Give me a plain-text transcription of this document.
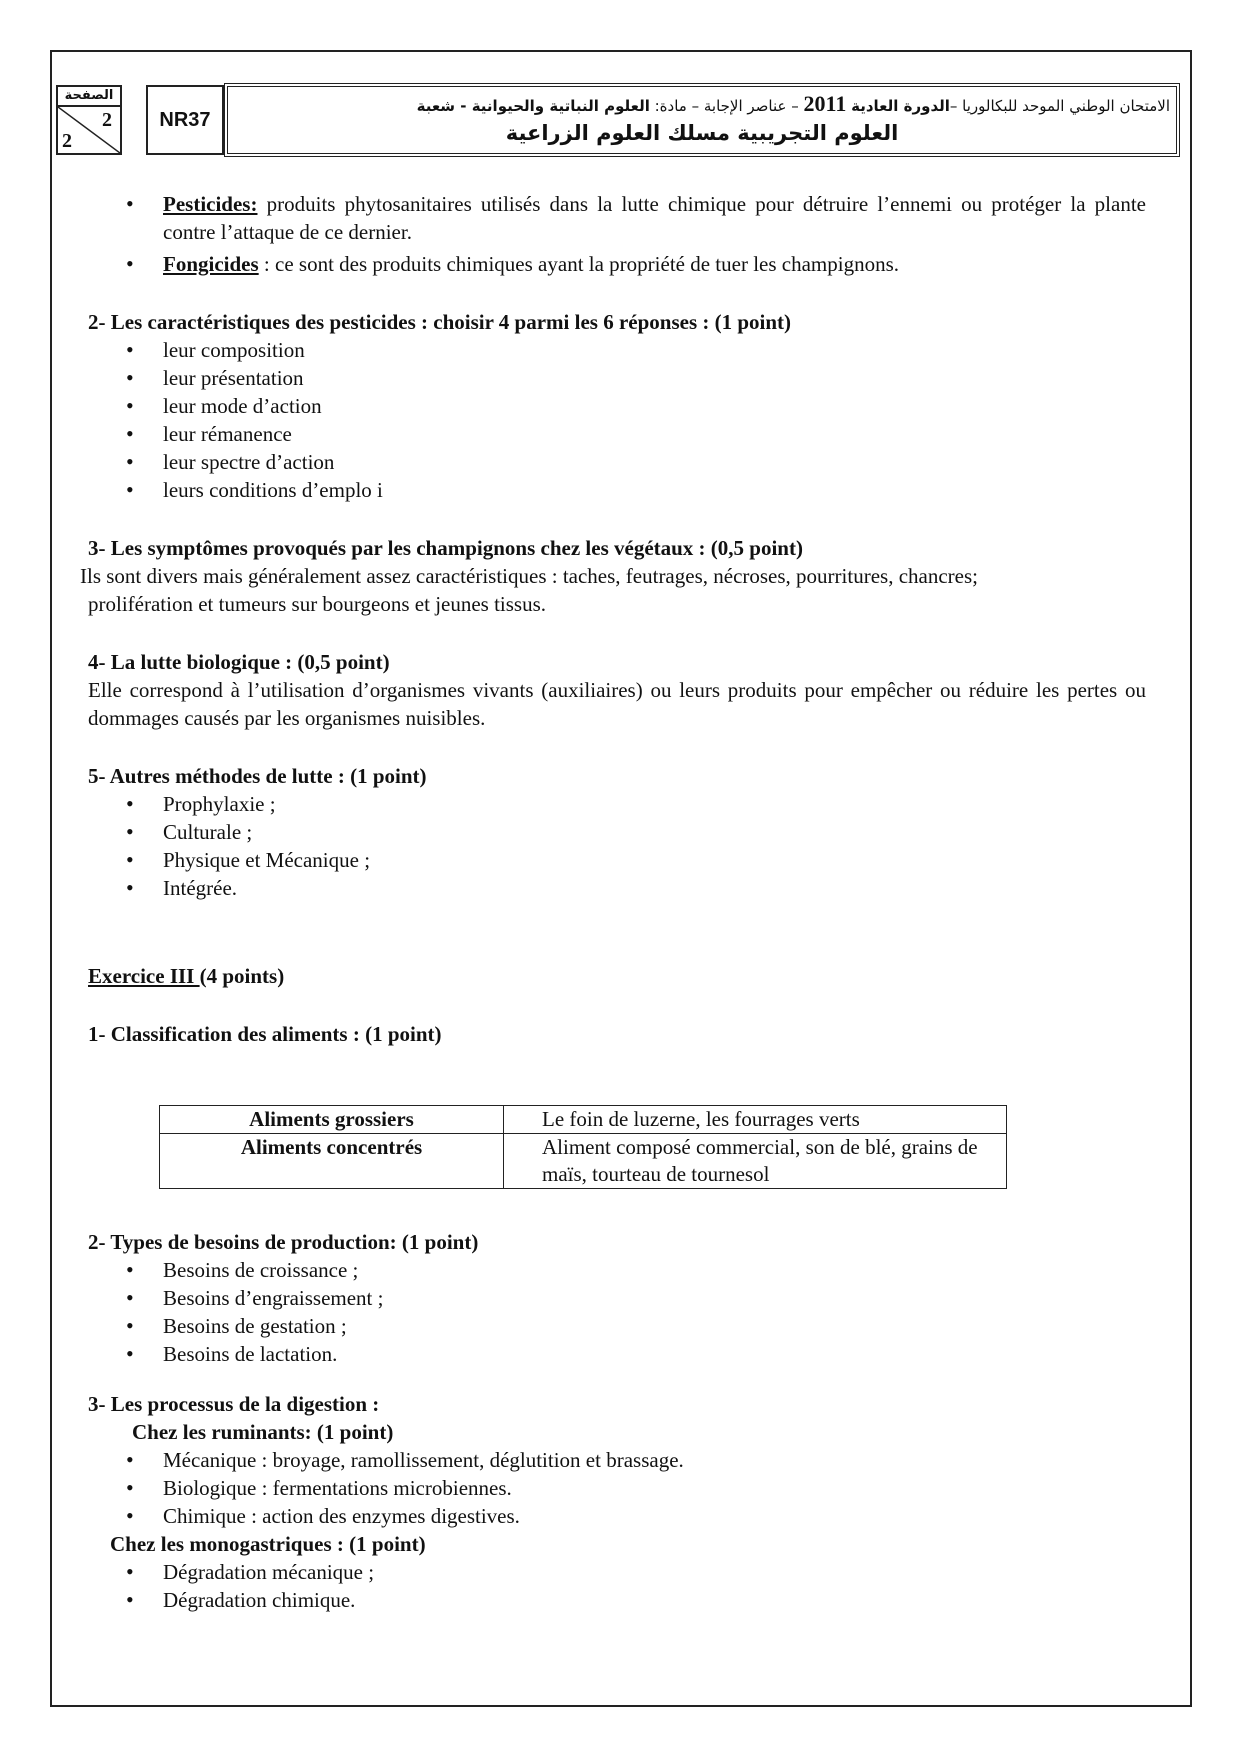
الصفحة
2
2
NR37
الامتحان الوطني الموحد للبكالوريا –الدورة العادية 2011 – عناصر الإجابة – مادة: العلوم النباتية والحيوانية - شعبة
العلوم التجريبية مسلك العلوم الزراعية

• Pesticides: produits phytosanitaires utilisés dans la lutte chimique pour détruire l’ennemi ou protéger la plante contre l’attaque de ce dernier.

• Fongicides : ce sont des produits chimiques ayant la propriété de tuer les champignons.

2- Les caractéristiques des pesticides : choisir 4 parmi les 6 réponses : (1 point)

• leur composition

• leur présentation

• leur mode d’action

• leur rémanence

• leur spectre d’action

• leurs conditions d’emplo i

3- Les symptômes provoqués par les champignons chez les végétaux : (0,5 point)

Ils sont divers mais généralement assez caractéristiques : taches, feutrages, nécroses, pourritures, chancres;

prolifération et tumeurs sur bourgeons et jeunes tissus.

4- La lutte biologique : (0,5 point)

Elle correspond à l’utilisation d’organismes vivants (auxiliaires) ou leurs produits pour empêcher ou réduire les pertes ou dommages causés par les organismes nuisibles.

5- Autres méthodes de lutte : (1 point)

• Prophylaxie ;

• Culturale ;

• Physique et Mécanique ;

• Intégrée.

Exercice III (4 points)

1- Classification des aliments : (1 point)

Aliments grossiers	Le foin de luzerne, les fourrages verts
Aliments concentrés	Aliment composé commercial, son de blé, grains de maïs, tourteau de tournesol

2- Types de besoins de production: (1 point)

• Besoins de croissance ;

• Besoins d’engraissement ;

• Besoins de gestation ;

• Besoins de lactation.

3- Les processus de la digestion :

Chez les ruminants: (1 point)

• Mécanique : broyage, ramollissement, déglutition et brassage.

• Biologique : fermentations microbiennes.

• Chimique : action des enzymes digestives.

Chez les monogastriques : (1 point)

• Dégradation mécanique ;

• Dégradation chimique.
